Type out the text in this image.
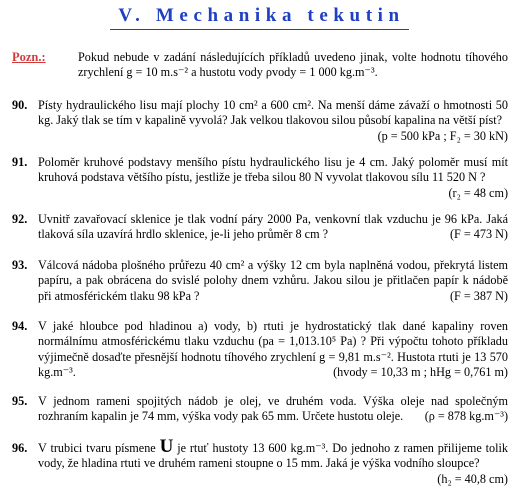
V. Mechanika tekutin
Pozn.:	Pokud nebude v zadání následujících příkladů uvedeno jinak, volte hodnotu tíhového zrychlení g = 10 m.s⁻² a hustotu vody ρvody = 1 000 kg.m⁻³.
90. Písty hydraulického lisu mají plochy 10 cm² a 600 cm². Na menší dáme závaží o hmotnosti 50 kg. Jaký tlak se tím v kapalině vyvolá? Jak velkou tlakovou silou působí kapalina na větší píst?
(p = 500 kPa ; F₂ = 30 kN)
91. Poloměr kruhové podstavy menšího pístu hydraulického lisu je 4 cm. Jaký poloměr musí mít kruhová podstava většího pístu, jestliže je třeba silou 80 N vyvolat tlakovou sílu 11 520 N ?
(r₂ = 48 cm)
92. Uvnitř zavařovací sklenice je tlak vodní páry 2000 Pa, venkovní tlak vzduchu je 96 kPa. Jaká tlaková síla uzavírá hrdlo sklenice, je-li jeho průměr 8 cm ?	(F = 473 N)
93. Válcová nádoba plošného průřezu 40 cm² a výšky 12 cm byla naplněná vodou, překrytá listem papíru, a pak obrácena do svislé polohy dnem vzhůru. Jakou silou je přitlačen papír k nádobě při atmosférickém tlaku 98 kPa ?	(F = 387 N)
94. V jaké hloubce pod hladinou a) vody, b) rtuti je hydrostatický tlak dané kapaliny roven normálnímu atmosférickému tlaku vzduchu (pa = 1,013.10⁵ Pa) ? Při výpočtu tohoto příkladu výjimečně dosaďte přesnější hodnotu tíhového zrychlení g = 9,81 m.s⁻². Hustota rtuti je 13 570 kg.m⁻³.	(hvody = 10,33 m ; hHg = 0,761 m)
95. V jednom rameni spojitých nádob je olej, ve druhém voda. Výška oleje nad společným rozhraním kapalin je 74 mm, výška vody pak 65 mm. Určete hustotu oleje. (ρ = 878 kg.m⁻³)
96. V trubici tvaru písmene U je rtuť hustoty 13 600 kg.m⁻³. Do jednoho z ramen přilijeme tolik vody, že hladina rtuti ve druhém rameni stoupne o 15 mm. Jaká je výška vodního sloupce?
(h₂ = 40,8 cm)
